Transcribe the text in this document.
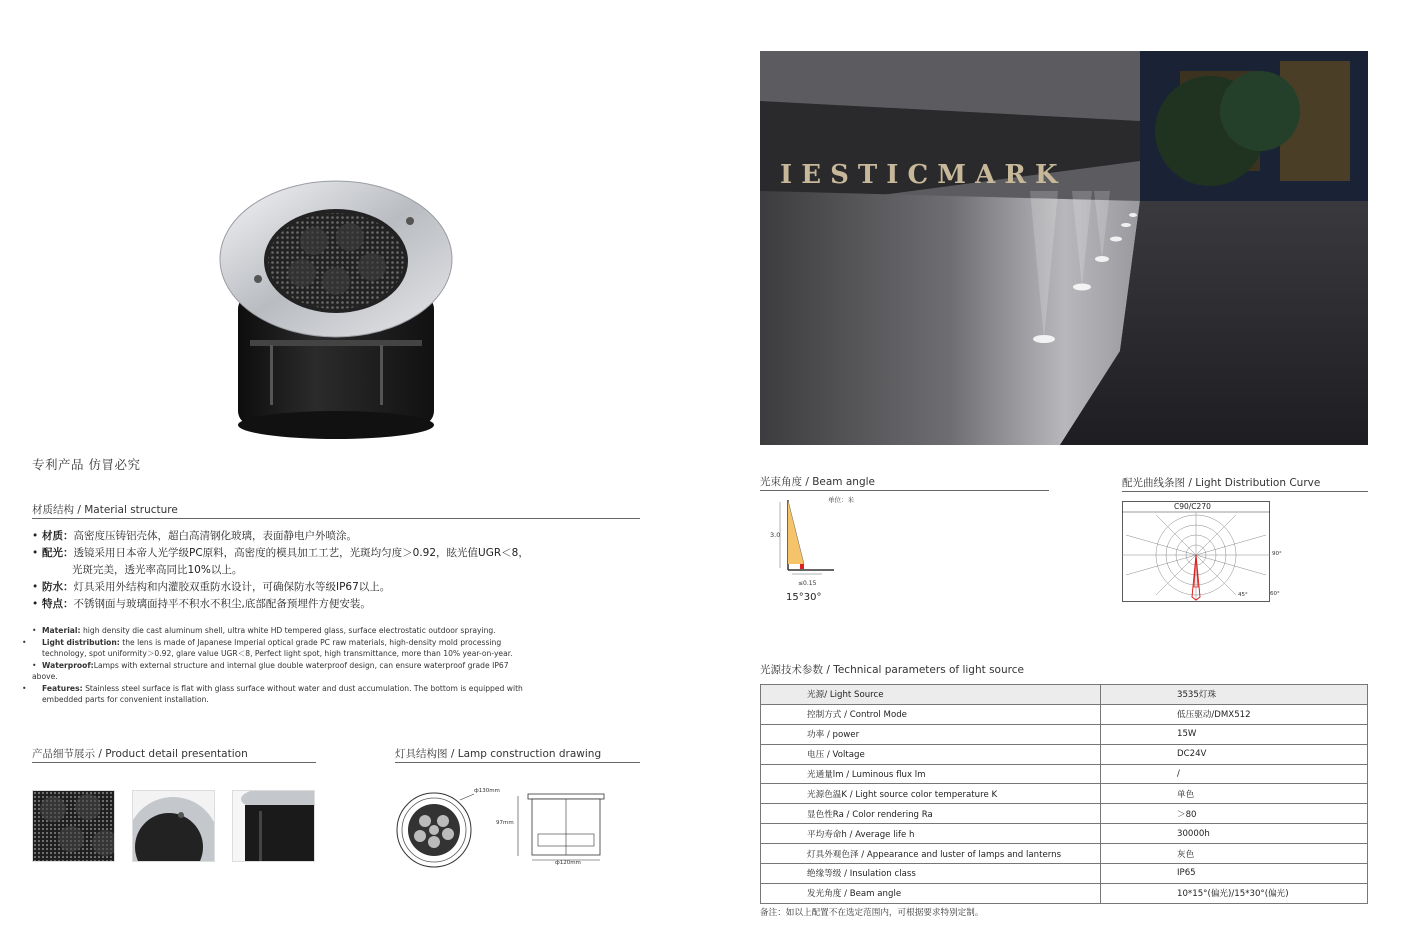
专利产品 仿冒必究
材质结构 / Material structure
• 材质：高密度压铸铝壳体，超白高清钢化玻璃，表面静电户外喷涂。
• 配光：透镜采用日本帝人光学级PC原料，高密度的模具加工工艺，光斑均匀度＞0.92，眩光值UGR＜8，
光斑完美，透光率高同比10%以上。
• 防水：灯具采用外结构和内灌胶双重防水设计，可确保防水等级IP67以上。
• 特点：不锈钢面与玻璃面持平不积水不积尘,底部配备预埋件方便安装。
• Material: high density die cast aluminum shell, ultra white HD tempered glass, surface electrostatic outdoor spraying.
• Light distribution: the lens is made of Japanese Imperial optical grade PC raw materials, high-density mold processing technology, spot uniformity＞0.92, glare value UGR＜8, Perfect light spot, high transmittance, more than 10% year-on-year.
• Waterproof:Lamps with external structure and internal glue double waterproof design, can ensure waterproof grade IP67 above.
• Features: Stainless steel surface is flat with glass surface without water and dust accumulation. The bottom is equipped with embedded parts for convenient installation.
产品细节展示 / Product detail presentation	灯具结构图 / Lamp construction drawing
ф130mm
97mm
ф120mm
I E S T I C M A R K
光束角度 / Beam angle
单位：米
3.0
≤0.15
15°30°
配光曲线条图 / Light Distribution Curve
C90/C270
90°
60°
45°
光源技术参数 / Technical parameters of light source
光源/ Light Source	3535灯珠
控制方式 / Control Mode	低压驱动/DMX512
功率 / power	15W
电压 / Voltage	DC24V
光通量lm / Luminous flux lm	/
光源色温K / Light source color temperature K	单色
显色性Ra / Color rendering Ra	＞80
平均寿命h / Average life h	30000h
灯具外观色泽 / Appearance and luster of lamps and lanterns	灰色
绝缘等级 / Insulation class	IP65
发光角度 / Beam angle	10*15°(偏光)/15*30°(偏光)
备注：如以上配置不在选定范围内，可根据要求特别定制。
